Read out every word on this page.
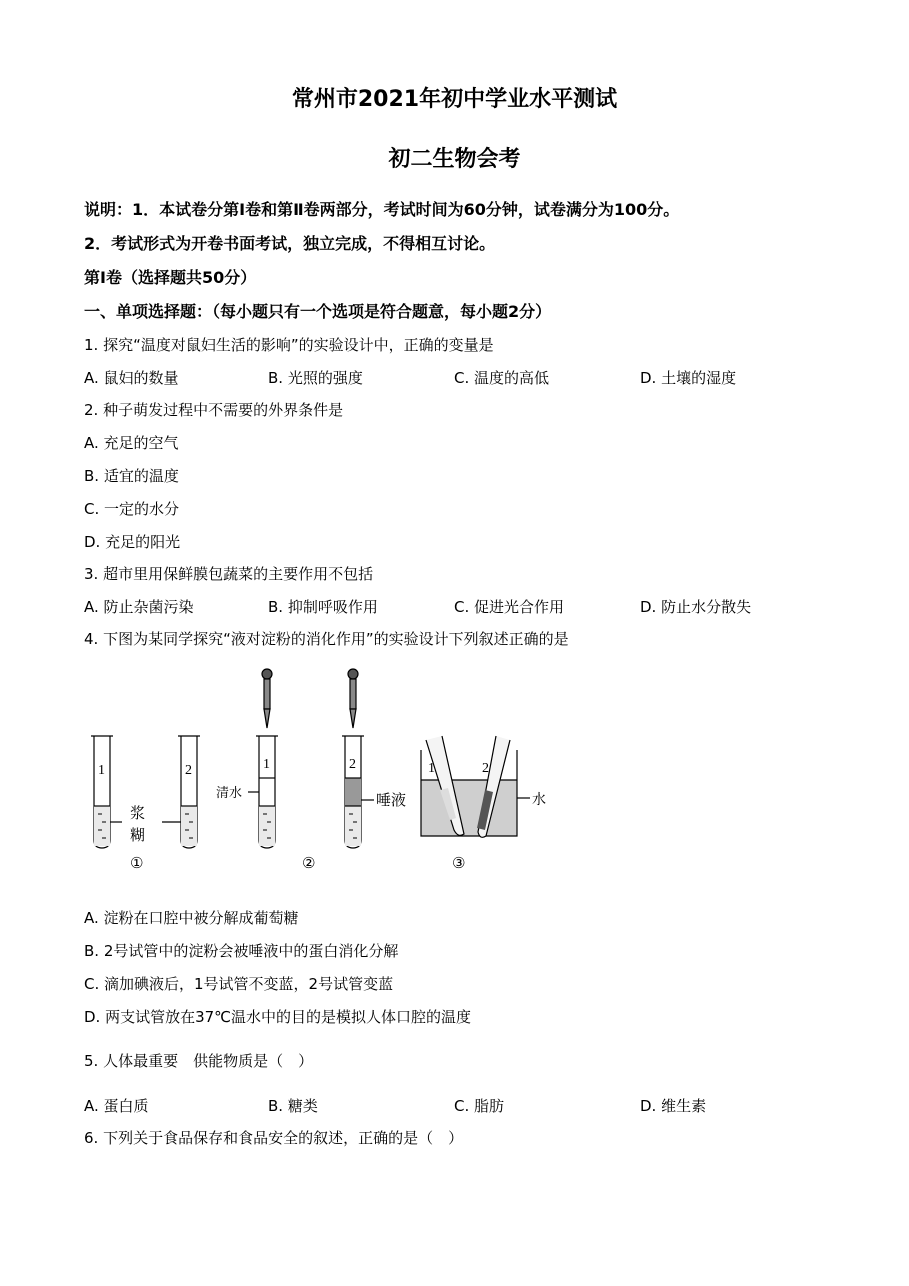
常州市2021年初中学业水平测试
初二生物会考
说明：1．本试卷分第Ⅰ卷和第Ⅱ卷两部分，考试时间为60分钟，试卷满分为100分。
2．考试形式为开卷书面考试，独立完成，不得相互讨论。
第Ⅰ卷（选择题共50分）
一、单项选择题：（每小题只有一个选项是符合题意，每小题2分）
1. 探究“温度对鼠妇生活的影响”的实验设计中，正确的变量是
A. 鼠妇的数量	B. 光照的强度	C. 温度的高低	D. 土壤的湿度
2. 种子萌发过程中不需要的外界条件是
A. 充足的空气
B. 适宜的温度
C. 一定的水分
D. 充足的阳光
3. 超市里用保鲜膜包蔬菜的主要作用不包括
A. 防止杂菌污染	B. 抑制呼吸作用	C. 促进光合作用	D. 防止水分散失
4. 下图为某同学探究“液对淀粉的消化作用”的实验设计下列叙述正确的是
1	2
浆
糊
①
1
清水
2
唾液
②
1	2
水
③
A. 淀粉在口腔中被分解成葡萄糖
B. 2号试管中的淀粉会被唾液中的蛋白消化分解
C. 滴加碘液后，1号试管不变蓝，2号试管变蓝
D. 两支试管放在37℃温水中的目的是模拟人体口腔的温度
5. 人体最重要　供能物质是（　）
A. 蛋白质	B. 糖类	C. 脂肪	D. 维生素
6. 下列关于食品保存和食品安全的叙述，正确的是（　）
